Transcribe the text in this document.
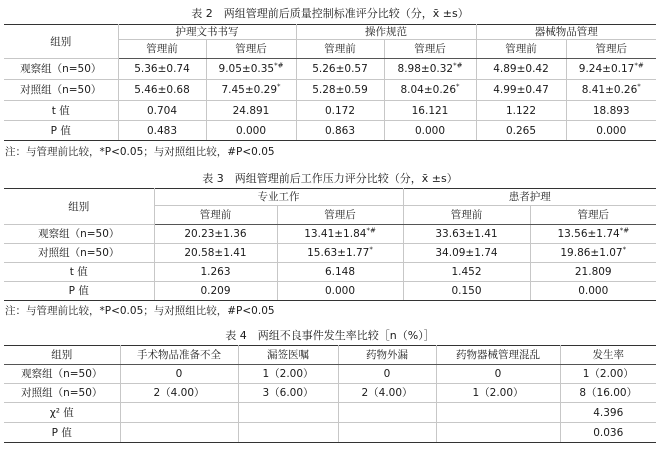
表 2　两组管理前后质量控制标准评分比较（分，x̄ ±s）
组别	护理文书书写		操作规范		器械物品管理	
	管理前	管理后	管理前	管理后	管理前	管理后
观察组（n=50）	5.36±0.74	9.05±0.35*#	5.26±0.57	8.98±0.32*#	4.89±0.42	9.24±0.17*#
对照组（n=50）	5.46±0.68	7.45±0.29*	5.28±0.59	8.04±0.26*	4.99±0.47	8.41±0.26*
t 值	0.704	24.891	0.172	16.121	1.122	18.893
P 值	0.483	0.000	0.863	0.000	0.265	0.000
注：与管理前比较，*P<0.05；与对照组比较，#P<0.05
表 3　两组管理前后工作压力评分比较（分，x̄ ±s）
组别	专业工作		患者护理	
	管理前	管理后	管理前	管理后
观察组（n=50）	20.23±1.36	13.41±1.84*#	33.63±1.41	13.56±1.74*#
对照组（n=50）	20.58±1.41	15.63±1.77*	34.09±1.74	19.86±1.07*
t 值	1.263	6.148	1.452	21.809
P 值	0.209	0.000	0.150	0.000
注：与管理前比较，*P<0.05；与对照组比较，#P<0.05
表 4　两组不良事件发生率比较［n（%）］
组别	手术物品准备不全	漏签医嘱	药物外漏	药物器械管理混乱	发生率
观察组（n=50）	0	1（2.00）	0	0	1（2.00）
对照组（n=50）	2（4.00）	3（6.00）	2（4.00）	1（2.00）	8（16.00）
χ² 值					4.396
P 值					0.036
